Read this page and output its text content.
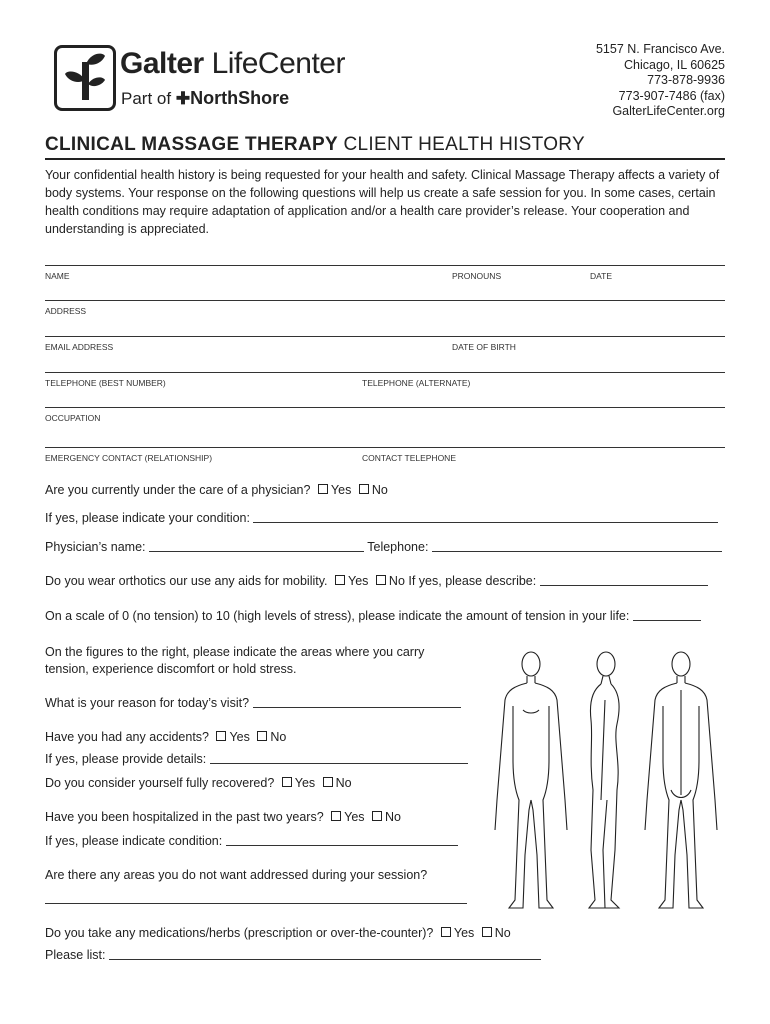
Galter LifeCenter
Part of ✚NorthShore
5157 N. Francisco Ave.
Chicago, IL 60625
773-878-9936
773-907-7486 (fax)
GalterLifeCenter.org
CLINICAL MASSAGE THERAPY CLIENT HEALTH HISTORY
Your confidential health history is being requested for your health and safety. Clinical Massage Therapy affects a variety of body systems. Your response on the following questions will help us create a safe session for you. In some cases, certain health conditions may require adaptation of application and/or a health care provider’s release. Your cooperation and understanding is appreciated.
NAME	PRONOUNS	DATE
ADDRESS
EMAIL ADDRESS	DATE OF BIRTH
TELEPHONE (BEST NUMBER)	TELEPHONE (ALTERNATE)
OCCUPATION
EMERGENCY CONTACT (RELATIONSHIP)	CONTACT TELEPHONE
Are you currently under the care of a physician? Yes No
If yes, please indicate your condition:
Physician’s name:	Telephone:
Do you wear orthotics our use any aids for mobility. Yes No If yes, please describe:
On a scale of 0 (no tension) to 10 (high levels of stress), please indicate the amount of tension in your life:
On the figures to the right, please indicate the areas where you carry
tension, experience discomfort or hold stress.
What is your reason for today’s visit?
Have you had any accidents? Yes No
If yes, please provide details:
Do you consider yourself fully recovered? Yes No
Have you been hospitalized in the past two years? Yes No
If yes, please indicate condition:
Are there any areas you do not want addressed during your session?
Do you take any medications/herbs (prescription or over-the-counter)? Yes No
Please list:
